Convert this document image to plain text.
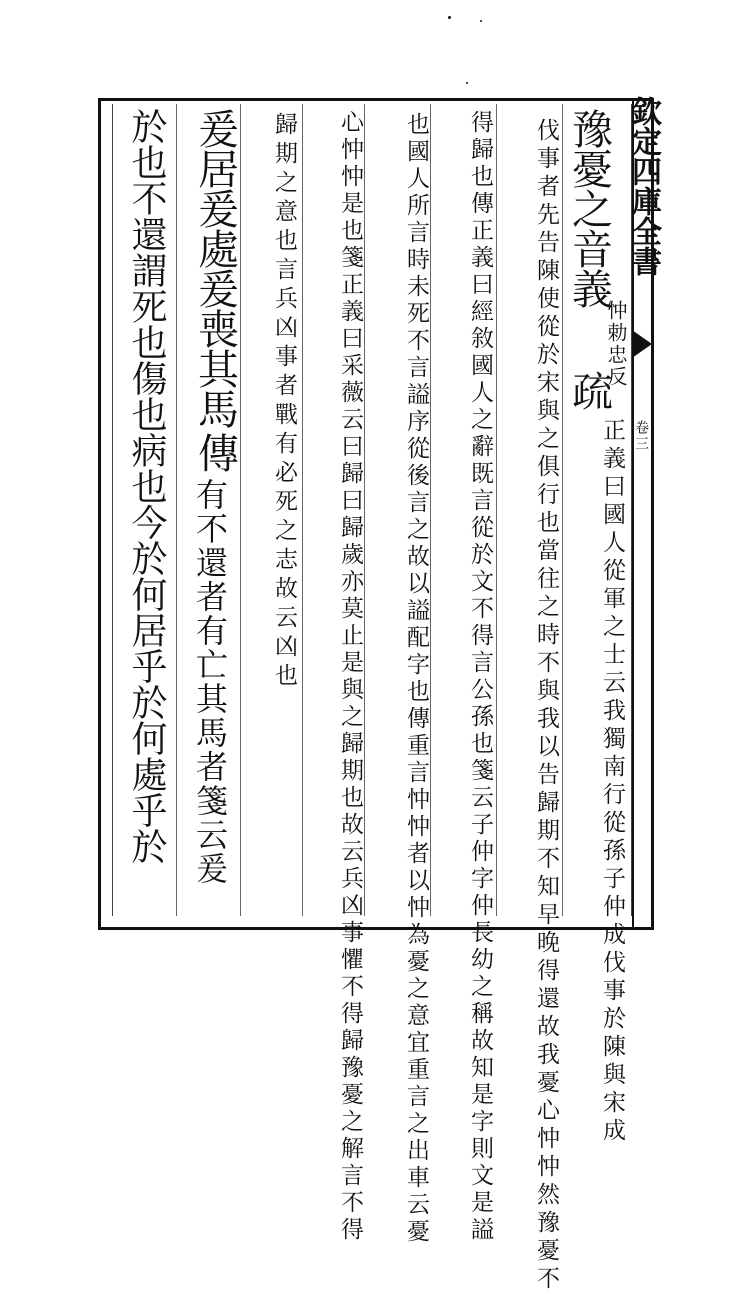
欽定四庫全書
卷三
豫憂之音義
忡勅忠反
疏
正義曰國人從軍之士云我獨南行從孫子仲成伐事於陳與宋成
伐事者先告陳使從於宋與之俱行也當往之時不與我以告歸期不知早晚得還故我憂心忡忡然豫憂不
得歸也傳正義曰經敘國人之辭既言從於文不得言公孫也箋云子仲字仲長幼之稱故知是字則文是謚
也國人所言時未死不言謚序從後言之故以謚配字也傳重言忡忡者以忡為憂之意宜重言之出車云憂
心忡忡是也箋正義曰采薇云曰歸曰歸歲亦莫止是與之歸期也故云兵凶事懼不得歸豫憂之解言不得
歸期之意也言兵凶事者戰有必死之志故云凶也
爰居爰處爰喪其馬
傳
有不還者有亡其馬者箋云爰
於也不還謂死也傷也病也今於何居乎於何處乎於
